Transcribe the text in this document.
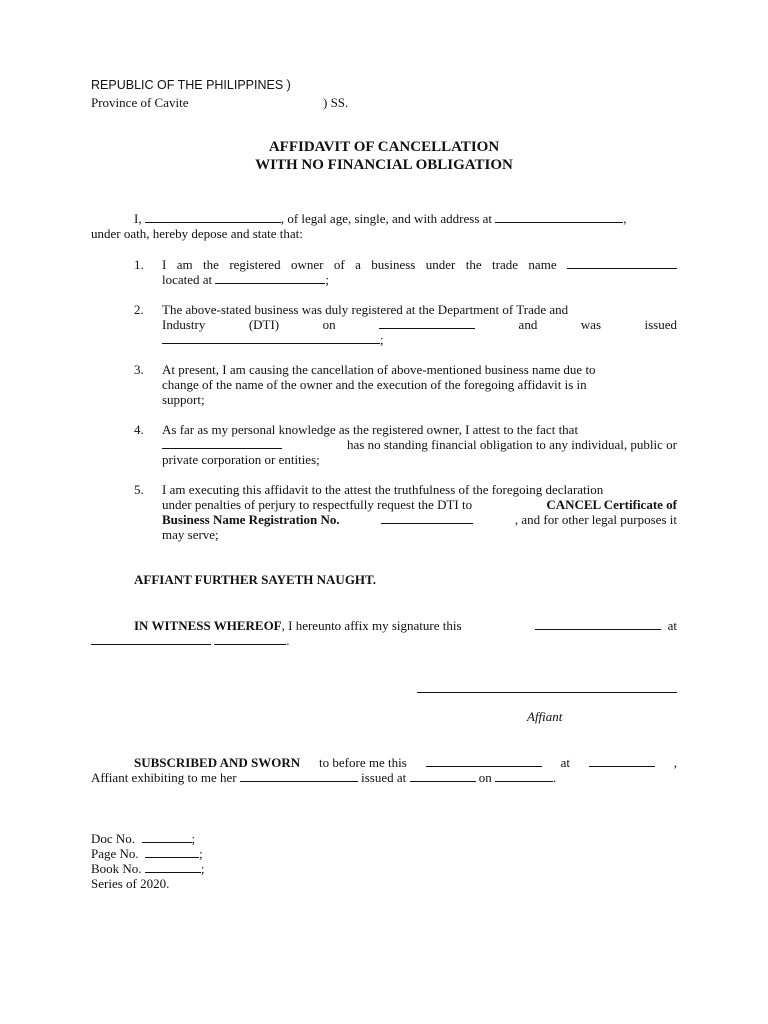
REPUBLIC OF THE PHILIPPINES )
Province of Cavite	) SS.
AFFIDAVIT OF CANCELLATION
WITH NO FINANCIAL OBLIGATION
I,	, of legal age, single, and with address at	,
under oath, hereby depose and state that:
1. I am the registered owner of a business under the trade name
located at	;
2. The above-stated business was duly registered at the Department of Trade and
Industry	(DTI)	on	and	was	issued
;
3. At present, I am causing the cancellation of above-mentioned business name due to
change of the name of the owner and the execution of the foregoing affidavit is in
support;
4. As far as my personal knowledge as the registered owner, I attest to the fact that
has no standing financial obligation to any individual, public or
private corporation or entities;
5. I am executing this affidavit to the attest the truthfulness of the foregoing declaration
under penalties of perjury to respectfully request the DTI to	CANCEL Certificate of
Business Name Registration No.	, and for other legal purposes it
may serve;
AFFIANT FURTHER SAYETH NAUGHT.
IN WITNESS WHEREOF, I hereunto affix my signature this	at
.
Affiant
SUBSCRIBED AND SWORN to before me this	at	,
Affiant exhibiting to me her	issued at	on	.
Doc No.	;
Page No.	;
Book No.	;
Series of 2020.
